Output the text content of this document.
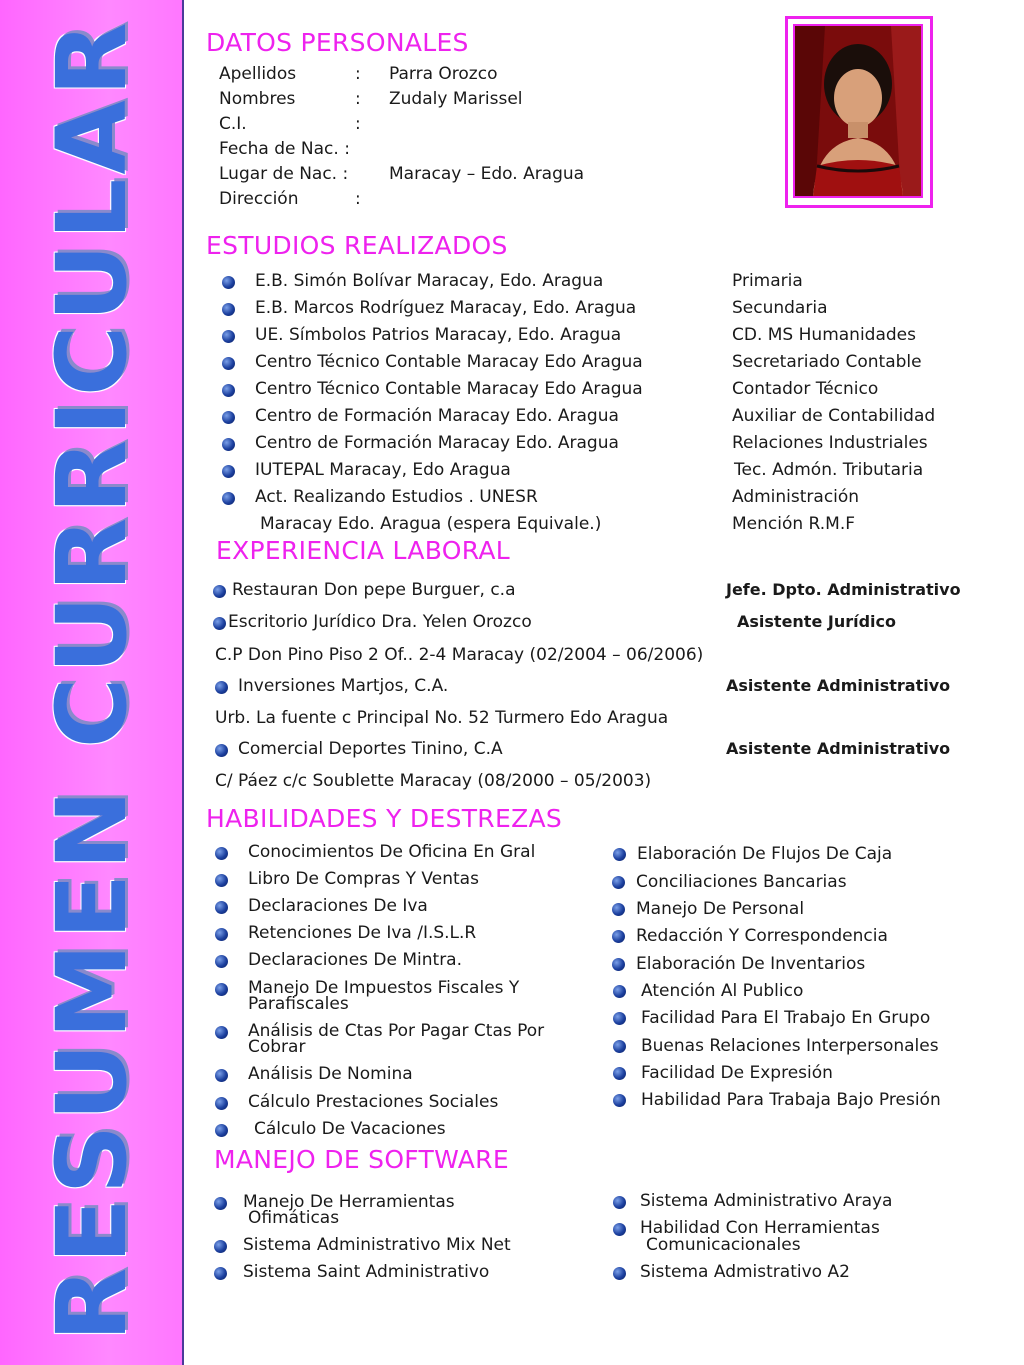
RESUMEN CURRICULAR DATOS PERSONALES
Apellidos	: Parra Orozco
Nombres	: Zudaly Marissel
C.I.	:
Fecha de Nac. :
Lugar de Nac. : Maracay – Edo. Aragua
Dirección	:
ESTUDIOS REALIZADOS
E.B. Simón Bolívar Maracay, Edo. Aragua	Primaria
E.B. Marcos Rodríguez Maracay, Edo. Aragua	Secundaria
UE. Símbolos Patrios Maracay, Edo. Aragua	CD. MS Humanidades
Centro Técnico Contable Maracay Edo Aragua	Secretariado Contable
Centro Técnico Contable Maracay Edo Aragua	Contador Técnico
Centro de Formación Maracay Edo. Aragua	Auxiliar de Contabilidad
Centro de Formación Maracay Edo. Aragua	Relaciones Industriales
IUTEPAL Maracay, Edo Aragua	Tec. Admón. Tributaria
Act. Realizando Estudios . UNESR	Administración
Maracay Edo. Aragua (espera Equivale.)	Mención R.M.F
EXPERIENCIA LABORAL
Restauran Don pepe Burguer, c.a	Jefe. Dpto. Administrativo
Escritorio Jurídico Dra. Yelen Orozco	Asistente Jurídico
C.P Don Pino Piso 2 Of.. 2-4 Maracay (02/2004 – 06/2006)
Inversiones Martjos, C.A.	Asistente Administrativo
Urb. La fuente c Principal No. 52 Turmero Edo Aragua
Comercial Deportes Tinino, C.A	Asistente Administrativo
C/ Páez c/c Soublette Maracay (08/2000 – 05/2003)
HABILIDADES Y DESTREZAS
Conocimientos De Oficina En Gral
Libro De Compras Y Ventas
Declaraciones De Iva
Retenciones De Iva /I.S.L.R
Declaraciones De Mintra.
Manejo De Impuestos Fiscales Y
Parafiscales
Análisis de Ctas Por Pagar Ctas Por
Cobrar
Análisis De Nomina
Cálculo Prestaciones Sociales
Cálculo De Vacaciones
Elaboración De Flujos De Caja
Conciliaciones Bancarias
Manejo De Personal
Redacción Y Correspondencia
Elaboración De Inventarios
Atención Al Publico
Facilidad Para El Trabajo En Grupo
Buenas Relaciones Interpersonales
Facilidad De Expresión
Habilidad Para Trabaja Bajo Presión
MANEJO DE SOFTWARE
Manejo De Herramientas
Ofimáticas
Sistema Administrativo Mix Net
Sistema Saint Administrativo
Sistema Administrativo Araya
Habilidad Con Herramientas
Comunicacionales
Sistema Admistrativo A2
